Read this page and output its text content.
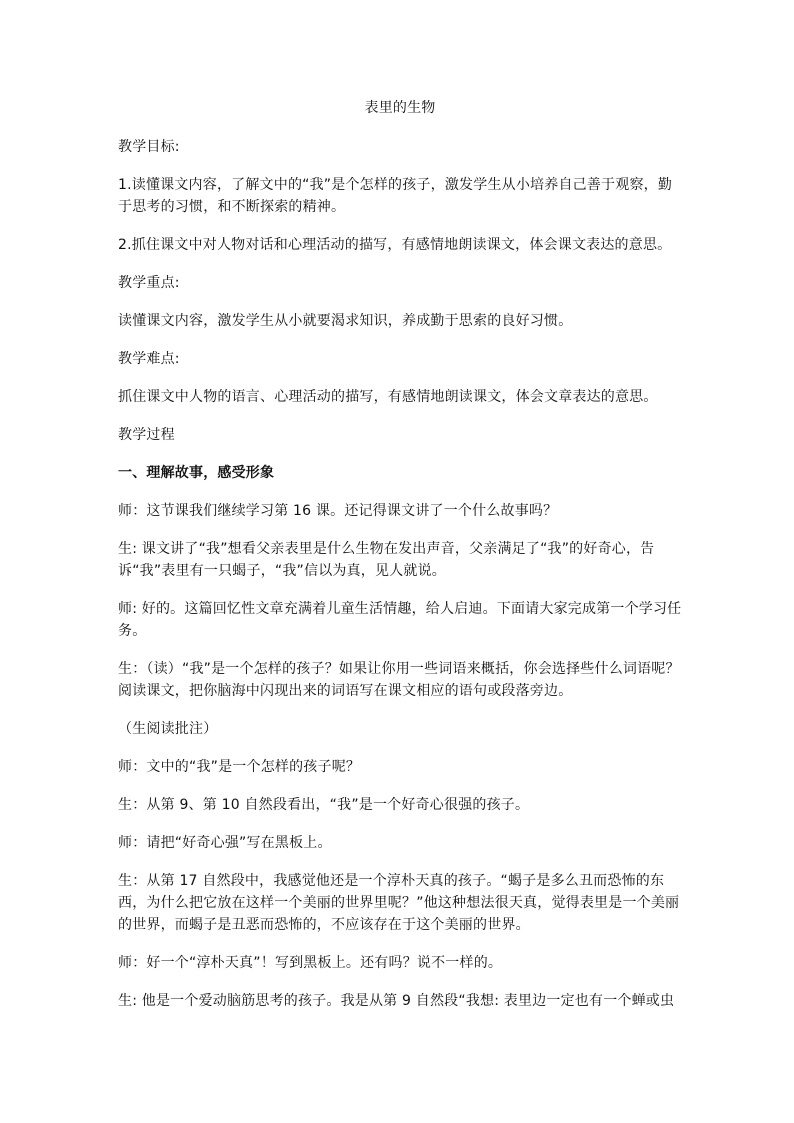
表里的生物

教学目标:

1.读懂课文内容，了解文中的“我”是个怎样的孩子，激发学生从小培养自己善于观察，勤于思考的习惯，和不断探索的精神。

2.抓住课文中对人物对话和心理活动的描写，有感情地朗读课文，体会课文表达的意思。

教学重点:

读懂课文内容，激发学生从小就要渴求知识，养成勤于思索的良好习惯。

教学难点:

抓住课文中人物的语言、心理活动的描写，有感情地朗读课文，体会文章表达的意思。

教学过程

一、理解故事，感受形象

师：这节课我们继续学习第 16 课。还记得课文讲了一个什么故事吗？

生: 课文讲了“我”想看父亲表里是什么生物在发出声音，父亲满足了“我”的好奇心，告诉“我”表里有一只蝎子，“我”信以为真，见人就说。

师: 好的。这篇回忆性文章充满着儿童生活情趣，给人启迪。下面请大家完成第一个学习任务。

生：（读）“我”是一个怎样的孩子？如果让你用一些词语来概括，你会选择些什么词语呢？阅读课文，把你脑海中闪现出来的词语写在课文相应的语句或段落旁边。

（生阅读批注）

师：文中的“我”是一个怎样的孩子呢？

生：从第 9、第 10 自然段看出，“我”是一个好奇心很强的孩子。

师：请把“好奇心强”写在黑板上。

生：从第 17 自然段中，我感觉他还是一个淳朴天真的孩子。“蝎子是多么丑而恐怖的东西，为什么把它放在这样一个美丽的世界里呢？”他这种想法很天真，觉得表里是一个美丽的世界，而蝎子是丑恶而恐怖的，不应该存在于这个美丽的世界。

师：好一个“淳朴天真”！写到黑板上。还有吗？说不一样的。

生: 他是一个爱动脑筋思考的孩子。我是从第 9 自然段“我想: 表里边一定也有一个蝉或虫
